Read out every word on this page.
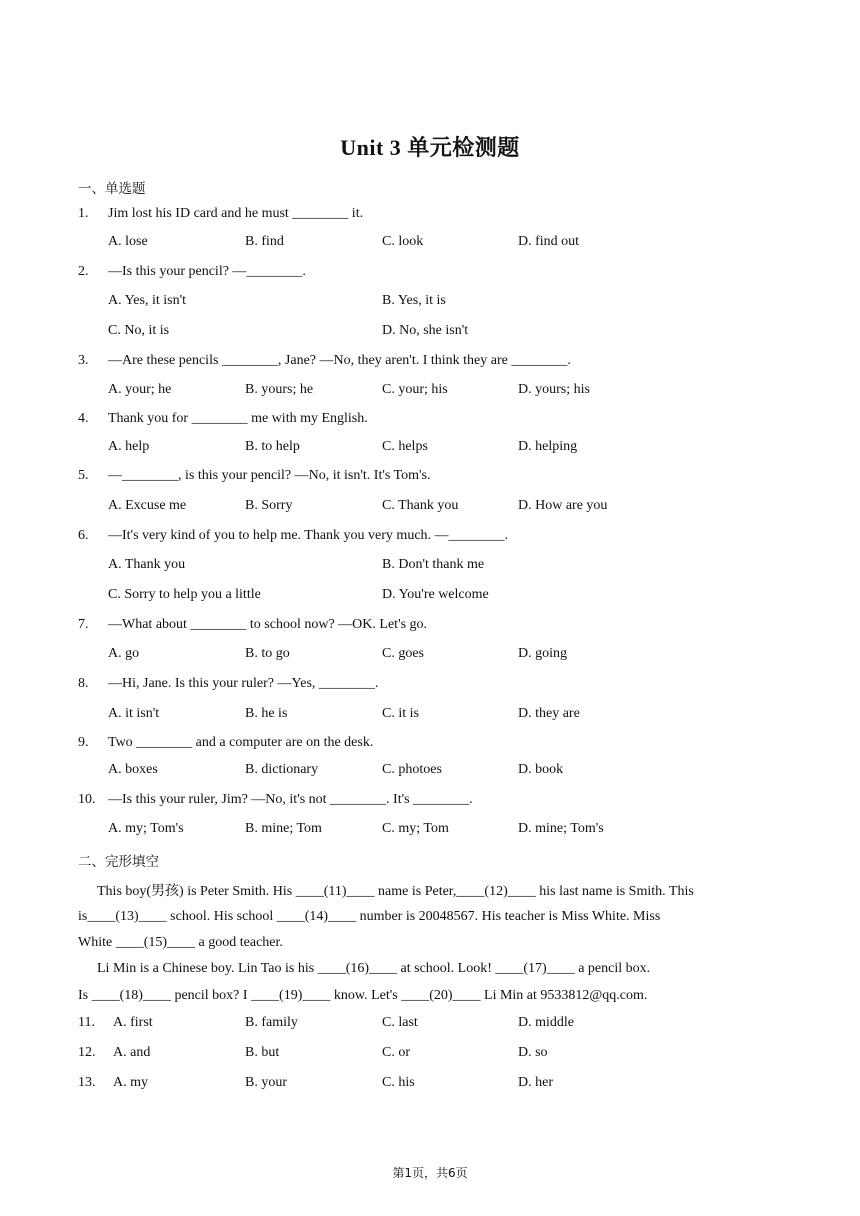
Unit 3 单元检测题
一、单选题
1. Jim lost his ID card and he must ________ it.
A. lose	B. find	C. look	D. find out
2. —Is this your pencil? —________.
A. Yes, it isn't	B. Yes, it is
C. No, it is	D. No, she isn't
3. —Are these pencils ________, Jane? —No, they aren't. I think they are ________.
A. your; he	B. yours; he	C. your; his	D. yours; his
4. Thank you for ________ me with my English.
A. help	B. to help	C. helps	D. helping
5. —________, is this your pencil? —No, it isn't. It's Tom's.
A. Excuse me	B. Sorry	C. Thank you	D. How are you
6. —It's very kind of you to help me. Thank you very much. —________.
A. Thank you	B. Don't thank me
C. Sorry to help you a little	D. You're welcome
7. —What about ________ to school now? —OK. Let's go.
A. go	B. to go	C. goes	D. going
8. —Hi, Jane. Is this your ruler? —Yes, ________.
A. it isn't	B. he is	C. it is	D. they are
9. Two ________ and a computer are on the desk.
A. boxes	B. dictionary	C. photoes	D. book
10. —Is this your ruler, Jim? —No, it's not ________. It's ________.
A. my; Tom's	B. mine; Tom	C. my; Tom	D. mine; Tom's
二、完形填空
This boy(男孩) is Peter Smith. His ____(11)____ name is Peter,____(12)____ his last name is Smith. This
is____(13)____ school. His school ____(14)____ number is 20048567. His teacher is Miss White. Miss
White ____(15)____ a good teacher.
Li Min is a Chinese boy. Lin Tao is his ____(16)____ at school. Look! ____(17)____ a pencil box.
Is ____(18)____ pencil box? I ____(19)____ know. Let's ____(20)____ Li Min at 9533812@qq.com.
11. A. first	B. family	C. last	D. middle
12. A. and	B. but	C. or	D. so
13. A. my	B. your	C. his	D. her
第1页，共6页
